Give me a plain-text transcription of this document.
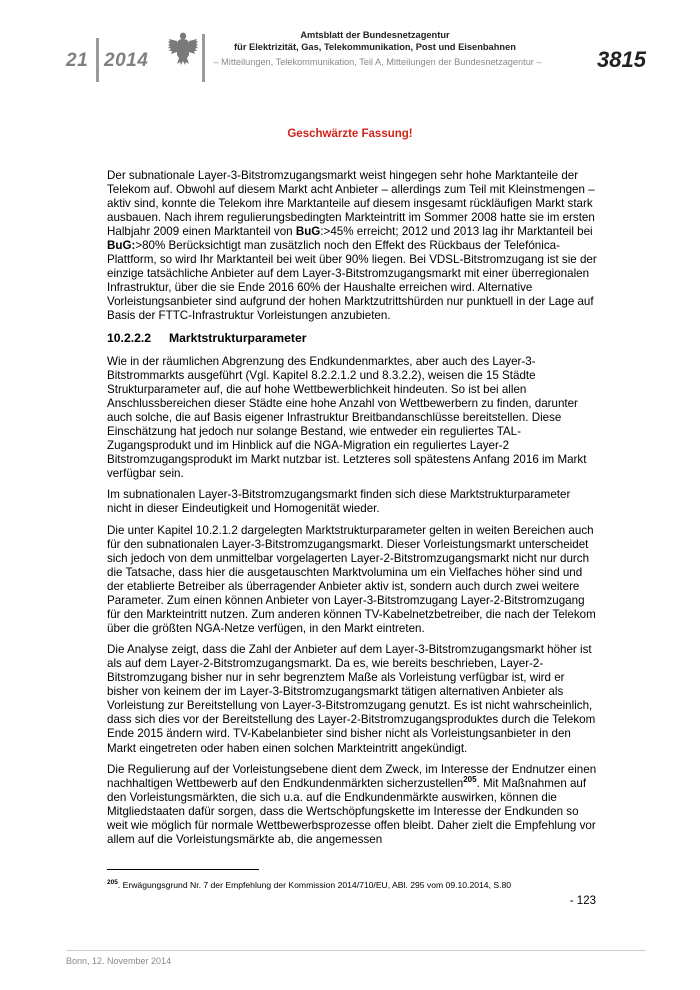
21 2014
Amtsblatt der Bundesnetzagentur
für Elektrizität, Gas, Telekommunikation, Post und Eisenbahnen
– Mitteilungen, Telekommunikation, Teil A, Mitteilungen der Bundesnetzagentur –	3815
Geschwärzte Fassung!

Der subnationale Layer-3-Bitstromzugangsmarkt weist hingegen sehr hohe Marktanteile der Telekom auf. Obwohl auf diesem Markt acht Anbieter – allerdings zum Teil mit Kleinstmengen – aktiv sind, konnte die Telekom ihre Marktanteile auf diesem insgesamt rückläufigen Markt stark ausbauen. Nach ihrem regulierungsbedingten Markteintritt im Sommer 2008 hatte sie im ersten Halbjahr 2009 einen Marktanteil von BuG:>45% erreicht; 2012 und 2013 lag ihr Marktanteil bei BuG:>80% Berücksichtigt man zusätzlich noch den Effekt des Rückbaus der Telefónica-Plattform, so wird Ihr Marktanteil bei weit über 90% liegen. Bei VDSL-Bitstromzugang ist sie der einzige tatsächliche Anbieter auf dem Layer-3-Bitstromzugangsmarkt mit einer überregionalen Infrastruktur, über die sie Ende 2016 60% der Haushalte erreichen wird. Alternative Vorleistungsanbieter sind aufgrund der hohen Marktzutrittshürden nur punktuell in der Lage auf Basis der FTTC-Infrastruktur Vorleistungen anzubieten.

10.2.2.2 Marktstrukturparameter

Wie in der räumlichen Abgrenzung des Endkundenmarktes, aber auch des Layer-3-Bitstrommarkts ausgeführt (Vgl. Kapitel 8.2.2.1.2 und 8.3.2.2), weisen die 15 Städte Strukturparameter auf, die auf hohe Wettbewerblichkeit hindeuten. So ist bei allen Anschlussbereichen dieser Städte eine hohe Anzahl von Wettbewerbern zu finden, darunter auch solche, die auf Basis eigener Infrastruktur Breitbandanschlüsse bereitstellen. Diese Einschätzung hat jedoch nur solange Bestand, wie entweder ein reguliertes TAL-Zugangsprodukt und im Hinblick auf die NGA-Migration ein reguliertes Layer-2 Bitstromzugangsprodukt im Markt nutzbar ist. Letzteres soll spätestens Anfang 2016 im Markt verfügbar sein.

Im subnationalen Layer-3-Bitstromzugangsmarkt finden sich diese Marktstrukturparameter nicht in dieser Eindeutigkeit und Homogenität wieder.

Die unter Kapitel 10.2.1.2 dargelegten Marktstrukturparameter gelten in weiten Bereichen auch für den subnationalen Layer-3-Bitstromzugangsmarkt. Dieser Vorleistungsmarkt unterscheidet sich jedoch von dem unmittelbar vorgelagerten Layer-2-Bitstromzugangsmarkt nicht nur durch die Tatsache, dass hier die ausgetauschten Marktvolumina um ein Vielfaches höher sind und der etablierte Betreiber als überragender Anbieter aktiv ist, sondern auch durch zwei weitere Parameter. Zum einen können Anbieter von Layer-3-Bitstromzugang Layer-2-Bitstromzugang für den Markteintritt nutzen. Zum anderen können TV-Kabelnetzbetreiber, die nach der Telekom über die größten NGA-Netze verfügen, in den Markt eintreten.

Die Analyse zeigt, dass die Zahl der Anbieter auf dem Layer-3-Bitstromzugangsmarkt höher ist als auf dem Layer-2-Bitstromzugangsmarkt. Da es, wie bereits beschrieben, Layer-2-Bitstromzugang bisher nur in sehr begrenztem Maße als Vorleistung verfügbar ist, wird er bisher von keinem der im Layer-3-Bitstromzugangsmarkt tätigen alternativen Anbieter als Vorleistung zur Bereitstellung von Layer-3-Bitstromzugang genutzt. Es ist nicht wahrscheinlich, dass sich dies vor der Bereitstellung des Layer-2-Bitstromzugangsproduktes durch die Telekom Ende 2015 ändern wird. TV-Kabelanbieter sind bisher nicht als Vorleistungsanbieter in den Markt eingetreten oder haben einen solchen Markteintritt angekündigt.

Die Regulierung auf der Vorleistungsebene dient dem Zweck, im Interesse der Endnutzer einen nachhaltigen Wettbewerb auf den Endkundenmärkten sicherzustellen$^{205}$. Mit Maßnahmen auf den Vorleistungsmärkten, die sich u.a. auf die Endkundenmärkte auswirken, können die Mitgliedstaaten dafür sorgen, dass die Wertschöpfungskette im Interesse der Endkunden so weit wie möglich für normale Wettbewerbsprozesse offen bleibt. Daher zielt die Empfehlung vor allem auf die Vorleistungsmärkte ab, die angemessen

$^{205}$. Erwägungsgrund Nr. 7 der Empfehlung der Kommission 2014/710/EU, ABl. 295 vom 09.10.2014, S.80
- 123
Bonn, 12. November 2014
